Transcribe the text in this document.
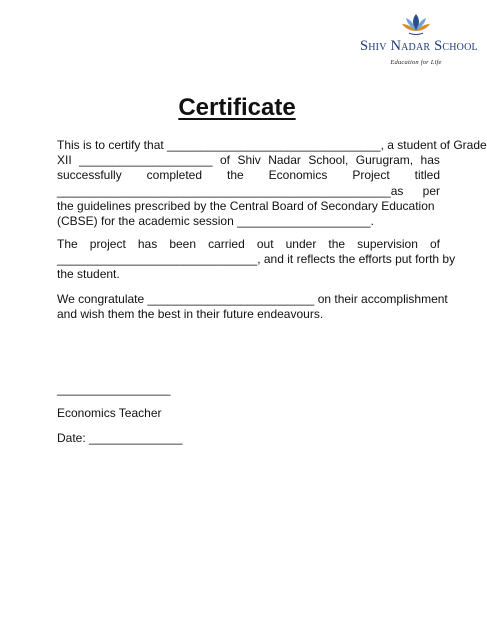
Shiv Nadar School
Education for Life
Certificate
This is to certify that ________________________________, a student of Grade
XII ____________________ of Shiv Nadar School, Gurugram, has
successfully completed the Economics Project titled
__________________________________________________as per
the guidelines prescribed by the Central Board of Secondary Education
(CBSE) for the academic session ____________________.
The project has been carried out under the supervision of
______________________________, and it reflects the efforts put forth by
the student.
We congratulate _________________________ on their accomplishment
and wish them the best in their future endeavours.
_________________
Economics Teacher
Date: ______________
